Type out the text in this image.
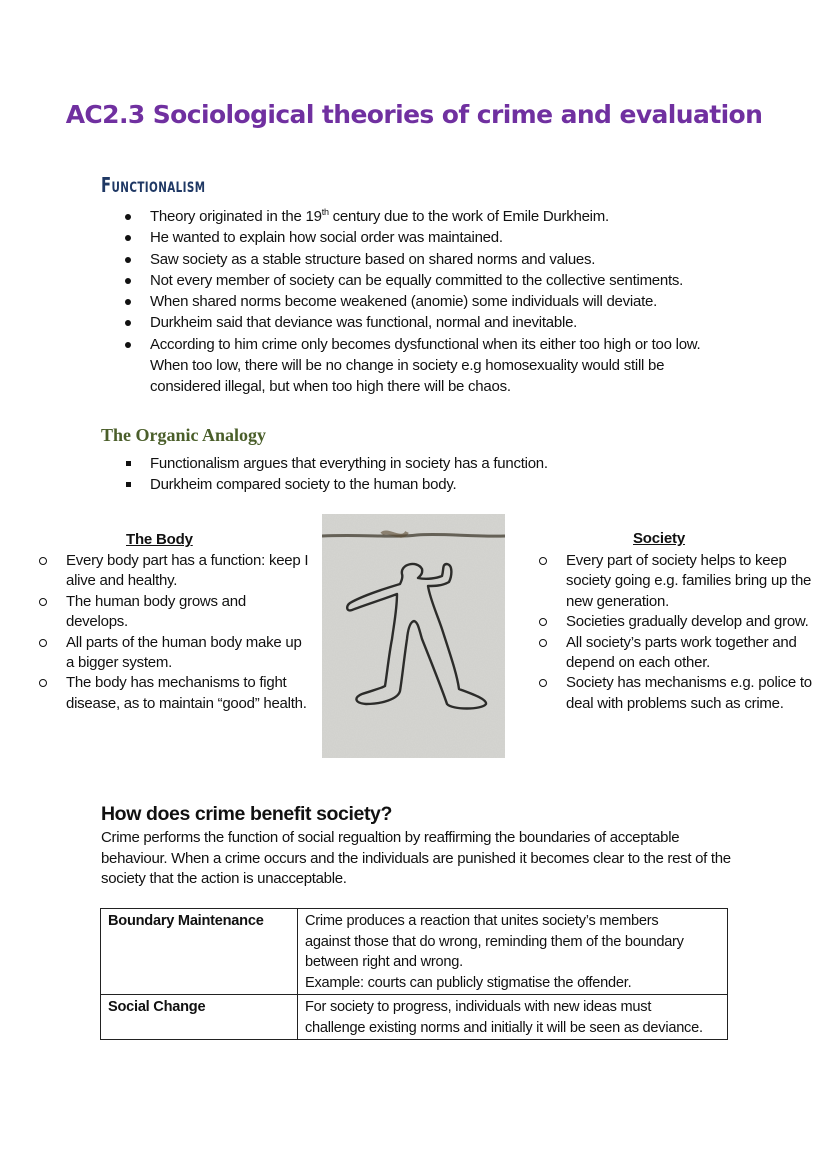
AC2.3 Sociological theories of crime and evaluation
Functionalism
Theory originated in the 19th century due to the work of Emile Durkheim.
He wanted to explain how social order was maintained.
Saw society as a stable structure based on shared norms and values.
Not every member of society can be equally committed to the collective sentiments.
When shared norms become weakened (anomie) some individuals will deviate.
Durkheim said that deviance was functional, normal and inevitable.
According to him crime only becomes dysfunctional when its either too high or too low. When too low, there will be no change in society e.g homosexuality would still be considered illegal, but when too high there will be chaos.
The Organic Analogy
Functionalism argues that everything in society has a function.
Durkheim compared society to the human body.
The Body
Every body part has a function: keep I alive and healthy.
The human body grows and develops.
All parts of the human body make up a bigger system.
The body has mechanisms to fight disease, as to maintain “good” health.
Society
Every part of society helps to keep society going e.g. families bring up the new generation.
Societies gradually develop and grow.
All society’s parts work together and depend on each other.
Society has mechanisms e.g. police to deal with problems such as crime.
How does crime benefit society?

Crime performs the function of social regualtion by reaffirming the boundaries of acceptable behaviour. When a crime occurs and the individuals are punished it becomes clear to the rest of the society that the action is unacceptable.

Boundary Maintenance	Crime produces a reaction that unites society’s members against those that do wrong, reminding them of the boundary between right and wrong.
Example: courts can publicly stigmatise the offender.

Social Change	For society to progress, individuals with new ideas must challenge existing norms and initially it will be seen as deviance.
